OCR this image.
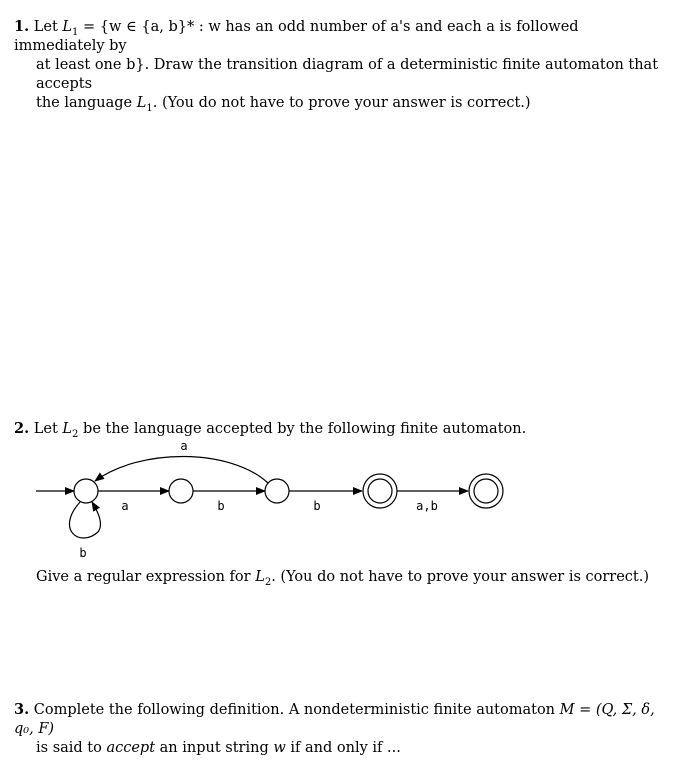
1. Let $L_1 = \{w$ ∈ {a, b}* : w has an odd number of a's and each a is followed immediately by
at least one b}. Draw the transition diagram of a deterministic finite automaton that accepts
the language $L_1$. (You do not have to prove your answer is correct.)
2. Let $L_2$ be the language accepted by the following finite automaton.
a
a	b	b	a,b
b
Give a regular expression for $L_2$. (You do not have to prove your answer is correct.)
3. Complete the following definition. A nondeterministic finite automaton M = (Q, Σ, δ, q₀, F)
is said to accept an input string w if and only if ...
